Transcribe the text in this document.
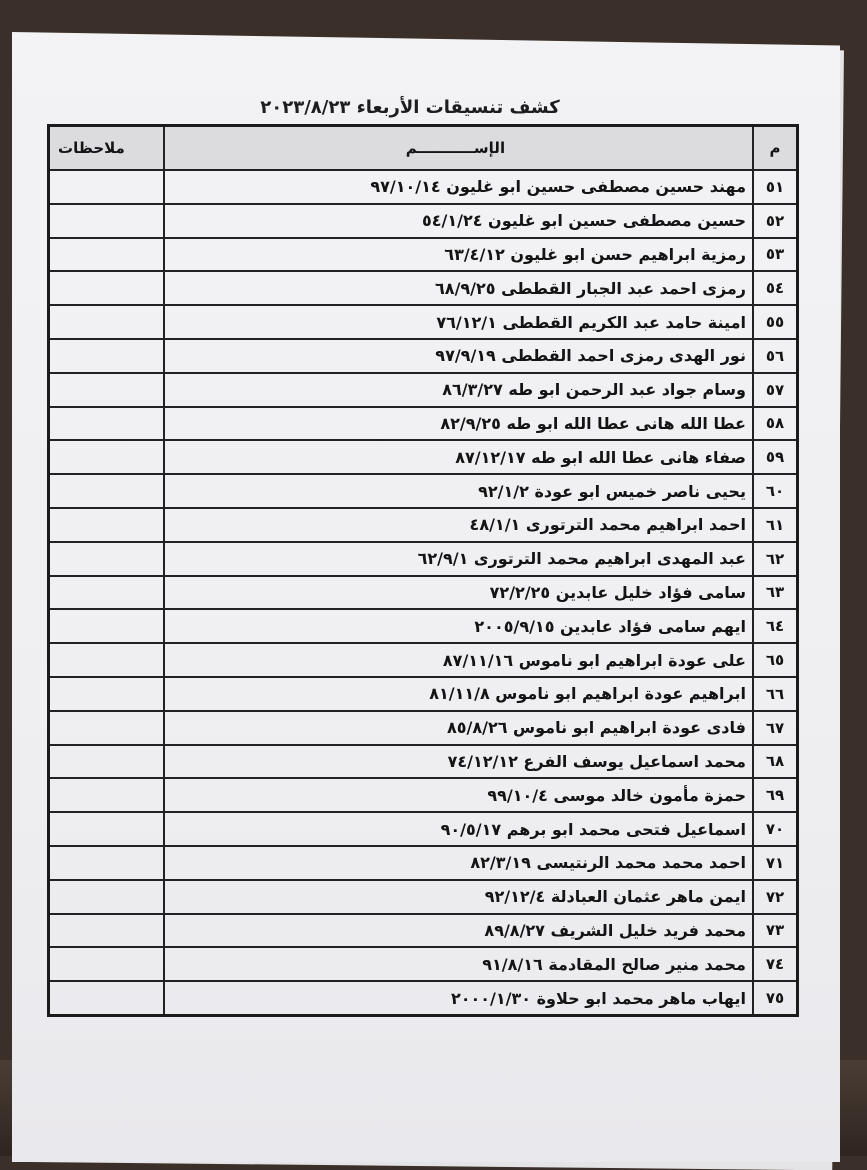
كشف تنسيقات الأربعاء ٢٠٢٣/٨/٢٣
م	الإســـــــــــم	ملاحظات
٥١	مهند حسين مصطفى حسين ابو غليون ٩٧/١٠/١٤	
٥٢	حسين مصطفى حسين ابو غليون ٥٤/١/٢٤	
٥٣	رمزية ابراهيم حسن ابو غليون ٦٣/٤/١٢	
٥٤	رمزى احمد عبد الجبار القططى ٦٨/٩/٢٥	
٥٥	امينة حامد عبد الكريم القططى ٧٦/١٢/١	
٥٦	نور الهدى رمزى احمد القططى ٩٧/٩/١٩	
٥٧	وسام جواد عبد الرحمن ابو طه ٨٦/٣/٢٧	
٥٨	عطا الله هانى عطا الله ابو طه ٨٢/٩/٢٥	
٥٩	صفاء هانى عطا الله ابو طه ٨٧/١٢/١٧	
٦٠	يحيى ناصر خميس ابو عودة ٩٢/١/٢	
٦١	احمد ابراهيم محمد الترتورى ٤٨/١/١	
٦٢	عبد المهدى ابراهيم محمد الترتورى ٦٢/٩/١	
٦٣	سامى فؤاد خليل عابدين ٧٢/٢/٢٥	
٦٤	ايهم سامى فؤاد عابدين ٢٠٠٥/٩/١٥	
٦٥	على عودة ابراهيم ابو ناموس ٨٧/١١/١٦	
٦٦	ابراهيم عودة ابراهيم ابو ناموس ٨١/١١/٨	
٦٧	فادى عودة ابراهيم ابو ناموس ٨٥/٨/٢٦	
٦٨	محمد اسماعيل يوسف الفرع ٧٤/١٢/١٢	
٦٩	حمزة مأمون خالد موسى ٩٩/١٠/٤	
٧٠	اسماعيل فتحى محمد ابو برهم ٩٠/٥/١٧	
٧١	احمد محمد محمد الرنتيسى ٨٢/٣/١٩	
٧٢	ايمن ماهر عثمان العبادلة ٩٢/١٢/٤	
٧٣	محمد فريد خليل الشريف ٨٩/٨/٢٧	
٧٤	محمد منير صالح المقادمة ٩١/٨/١٦	
٧٥	ايهاب ماهر محمد ابو حلاوة ٢٠٠٠/١/٣٠	
